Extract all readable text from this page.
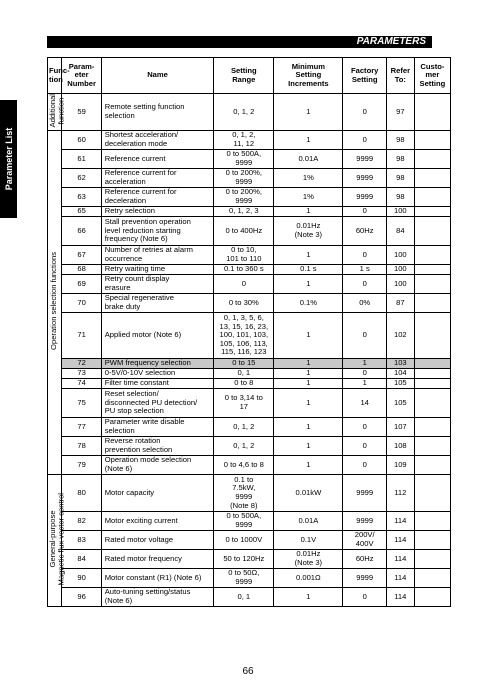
PARAMETERS
Parameter List
Func-
tion	Param-
eter
Number	Name	Setting
Range	Minimum
Setting
Increments	Factory
Setting	Refer
To:	Custo-
mer
Setting
Additional
function	59	Remote setting function
selection	0, 1, 2	1	0	97	
Operation selection functions	60	Shortest acceleration/
deceleration mode	0, 1, 2,
11, 12	1	0	98	
	61	Reference current	0 to 500A,
9999	0.01A	9999	98	
	62	Reference current for
acceleration	0 to 200%,
9999	1%	9999	98	
	63	Reference current for
deceleration	0 to 200%,
9999	1%	9999	98	
	65	Retry selection	0, 1, 2, 3	1	0	100	
	66	Stall prevention operation
level reduction starting
frequency (Note 6)	0 to 400Hz	0.01Hz
(Note 3)	60Hz	84	
	67	Number of retries at alarm
occurrence	0 to 10,
101 to 110	1	0	100	
	68	Retry waiting time	0.1 to 360 s	0.1 s	1 s	100	
	69	Retry count display
erasure	0	1	0	100	
	70	Special regenerative
brake duty	0 to 30%	0.1%	0%	87	
	71	Applied motor (Note 6)	0, 1, 3, 5, 6,
13, 15, 16, 23,
100, 101, 103,
105, 106, 113,
115, 116, 123	1	0	102	
	72	PWM frequency selection	0 to 15	1	1	103	
	73	0-5V/0-10V selection	0, 1	1	0	104	
	74	Filter time constant	0 to 8	1	1	105	
	75	Reset selection/
disconnected PU detection/
PU stop selection	0 to 3,14 to
17	1	14	105	
	77	Parameter write disable
selection	0, 1, 2	1	0	107	
	78	Reverse rotation
prevention selection	0, 1, 2	1	0	108	
	79	Operation mode selection
(Note 6)	0 to 4,6 to 8	1	0	109	
General-purpose
Magnetic flux vector control	80	Motor capacity	0.1 to
7.5kW,
9999
(Note 8)	0.01kW	9999	112	
	82	Motor exciting current	0 to 500A,
9999	0.01A	9999	114	
	83	Rated motor voltage	0 to 1000V	0.1V	200V/
400V	114	
	84	Rated motor frequency	50 to 120Hz	0.01Hz
(Note 3)	60Hz	114	
	90	Motor constant (R1) (Note 6)	0 to 50Ω,
9999	0.001Ω	9999	114	
	96	Auto-tuning setting/status
(Note 6)	0, 1	1	0	114	
66
